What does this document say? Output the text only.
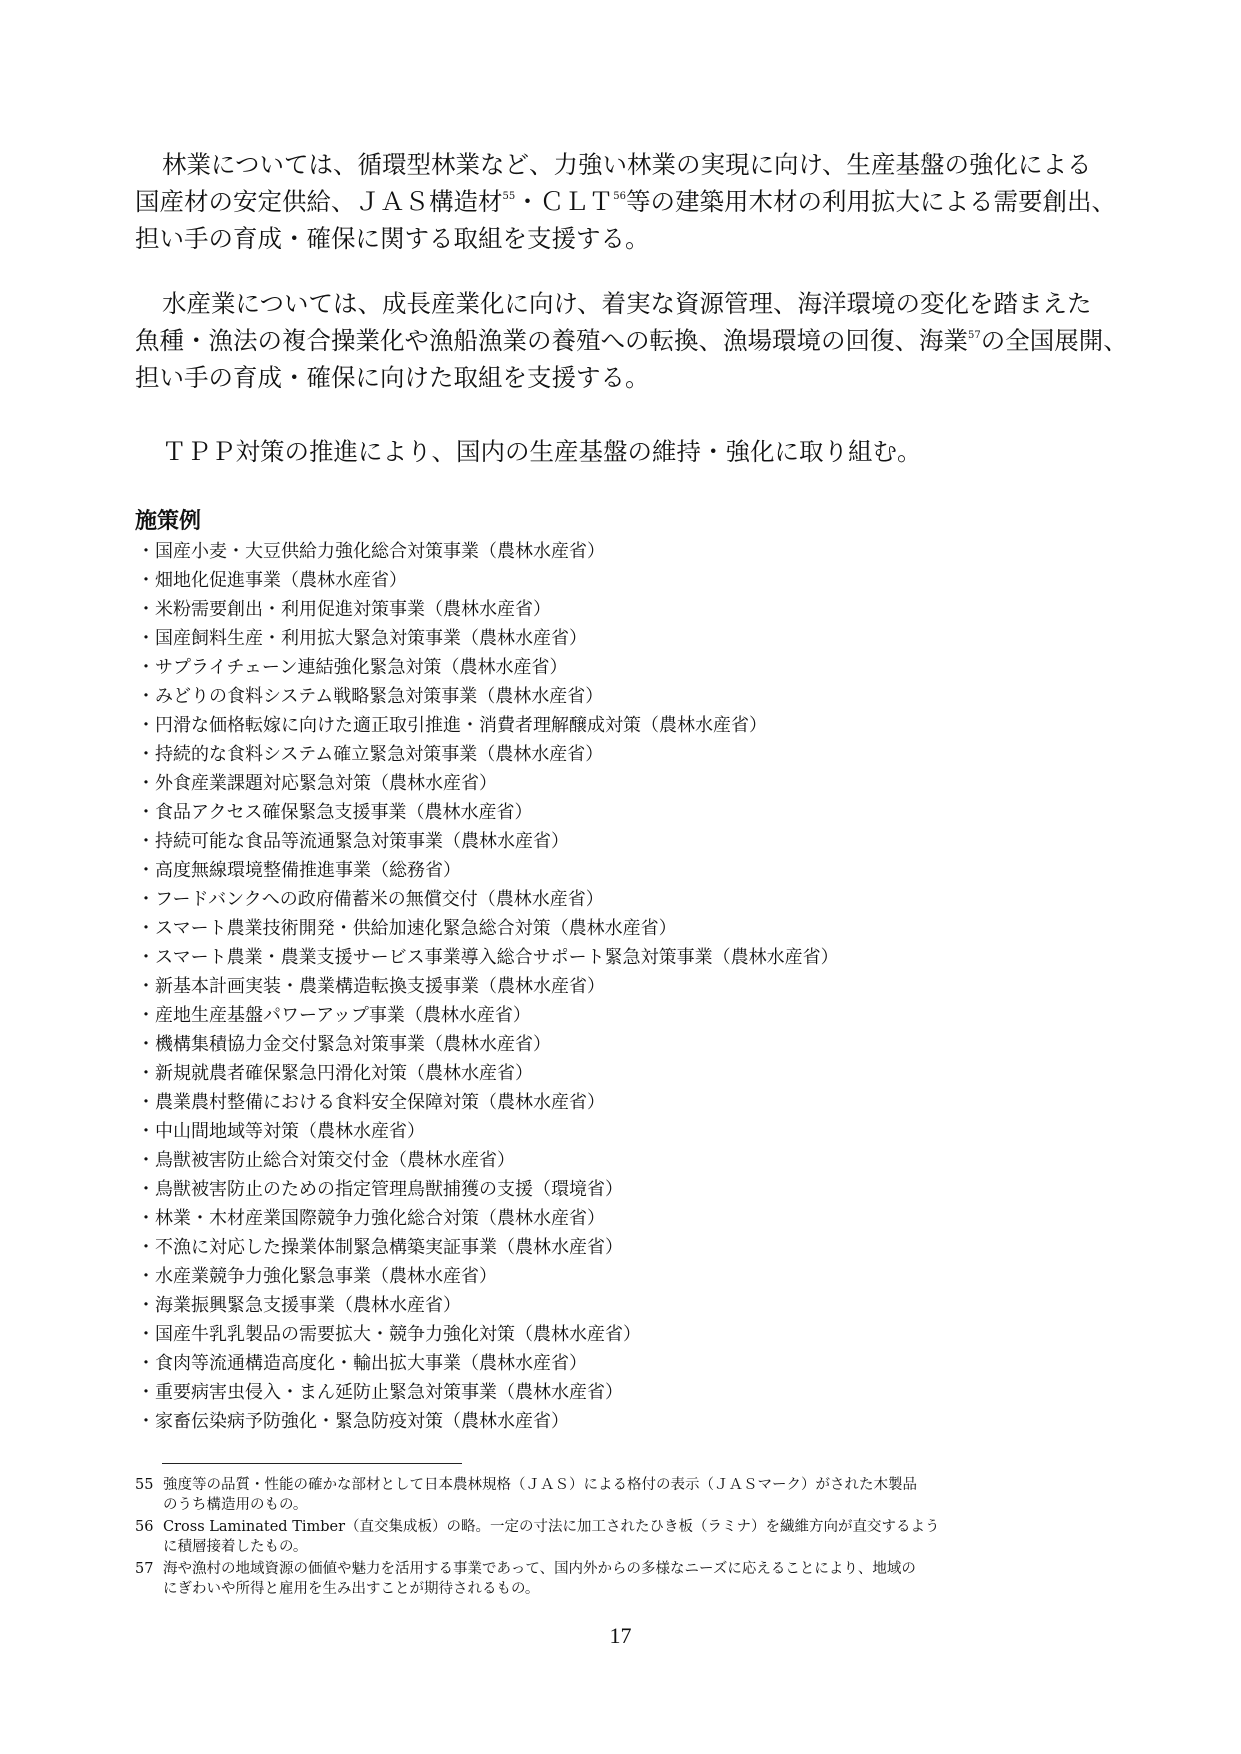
林業については、循環型林業など、力強い林業の実現に向け、生産基盤の強化による
国産材の安定供給、ＪＡＳ構造材$^{55}$・ＣＬＴ$^{56}$等の建築用木材の利用拡大による需要創出、
担い手の育成・確保に関する取組を支援する。
水産業については、成長産業化に向け、着実な資源管理、海洋環境の変化を踏まえた
魚種・漁法の複合操業化や漁船漁業の養殖への転換、漁場環境の回復、海業$^{57}$の全国展開、
担い手の育成・確保に向けた取組を支援する。
ＴＰＰ対策の推進により、国内の生産基盤の維持・強化に取り組む。
施策例
・国産小麦・大豆供給力強化総合対策事業（農林水産省）
・畑地化促進事業（農林水産省）
・米粉需要創出・利用促進対策事業（農林水産省）
・国産飼料生産・利用拡大緊急対策事業（農林水産省）
・サプライチェーン連結強化緊急対策（農林水産省）
・みどりの食料システム戦略緊急対策事業（農林水産省）
・円滑な価格転嫁に向けた適正取引推進・消費者理解醸成対策（農林水産省）
・持続的な食料システム確立緊急対策事業（農林水産省）
・外食産業課題対応緊急対策（農林水産省）
・食品アクセス確保緊急支援事業（農林水産省）
・持続可能な食品等流通緊急対策事業（農林水産省）
・高度無線環境整備推進事業（総務省）
・フードバンクへの政府備蓄米の無償交付（農林水産省）
・スマート農業技術開発・供給加速化緊急総合対策（農林水産省）
・スマート農業・農業支援サービス事業導入総合サポート緊急対策事業（農林水産省）
・新基本計画実装・農業構造転換支援事業（農林水産省）
・産地生産基盤パワーアップ事業（農林水産省）
・機構集積協力金交付緊急対策事業（農林水産省）
・新規就農者確保緊急円滑化対策（農林水産省）
・農業農村整備における食料安全保障対策（農林水産省）
・中山間地域等対策（農林水産省）
・鳥獣被害防止総合対策交付金（農林水産省）
・鳥獣被害防止のための指定管理鳥獣捕獲の支援（環境省）
・林業・木材産業国際競争力強化総合対策（農林水産省）
・不漁に対応した操業体制緊急構築実証事業（農林水産省）
・水産業競争力強化緊急事業（農林水産省）
・海業振興緊急支援事業（農林水産省）
・国産牛乳乳製品の需要拡大・競争力強化対策（農林水産省）
・食肉等流通構造高度化・輸出拡大事業（農林水産省）
・重要病害虫侵入・まん延防止緊急対策事業（農林水産省）
・家畜伝染病予防強化・緊急防疫対策（農林水産省）
55 強度等の品質・性能の確かな部材として日本農林規格（ＪＡＳ）による格付の表示（ＪＡＳマーク）がされた木製品
のうち構造用のもの。
56 Cross Laminated Timber（直交集成板）の略。一定の寸法に加工されたひき板（ラミナ）を繊維方向が直交するよう
に積層接着したもの。
57 海や漁村の地域資源の価値や魅力を活用する事業であって、国内外からの多様なニーズに応えることにより、地域の
にぎわいや所得と雇用を生み出すことが期待されるもの。
17
